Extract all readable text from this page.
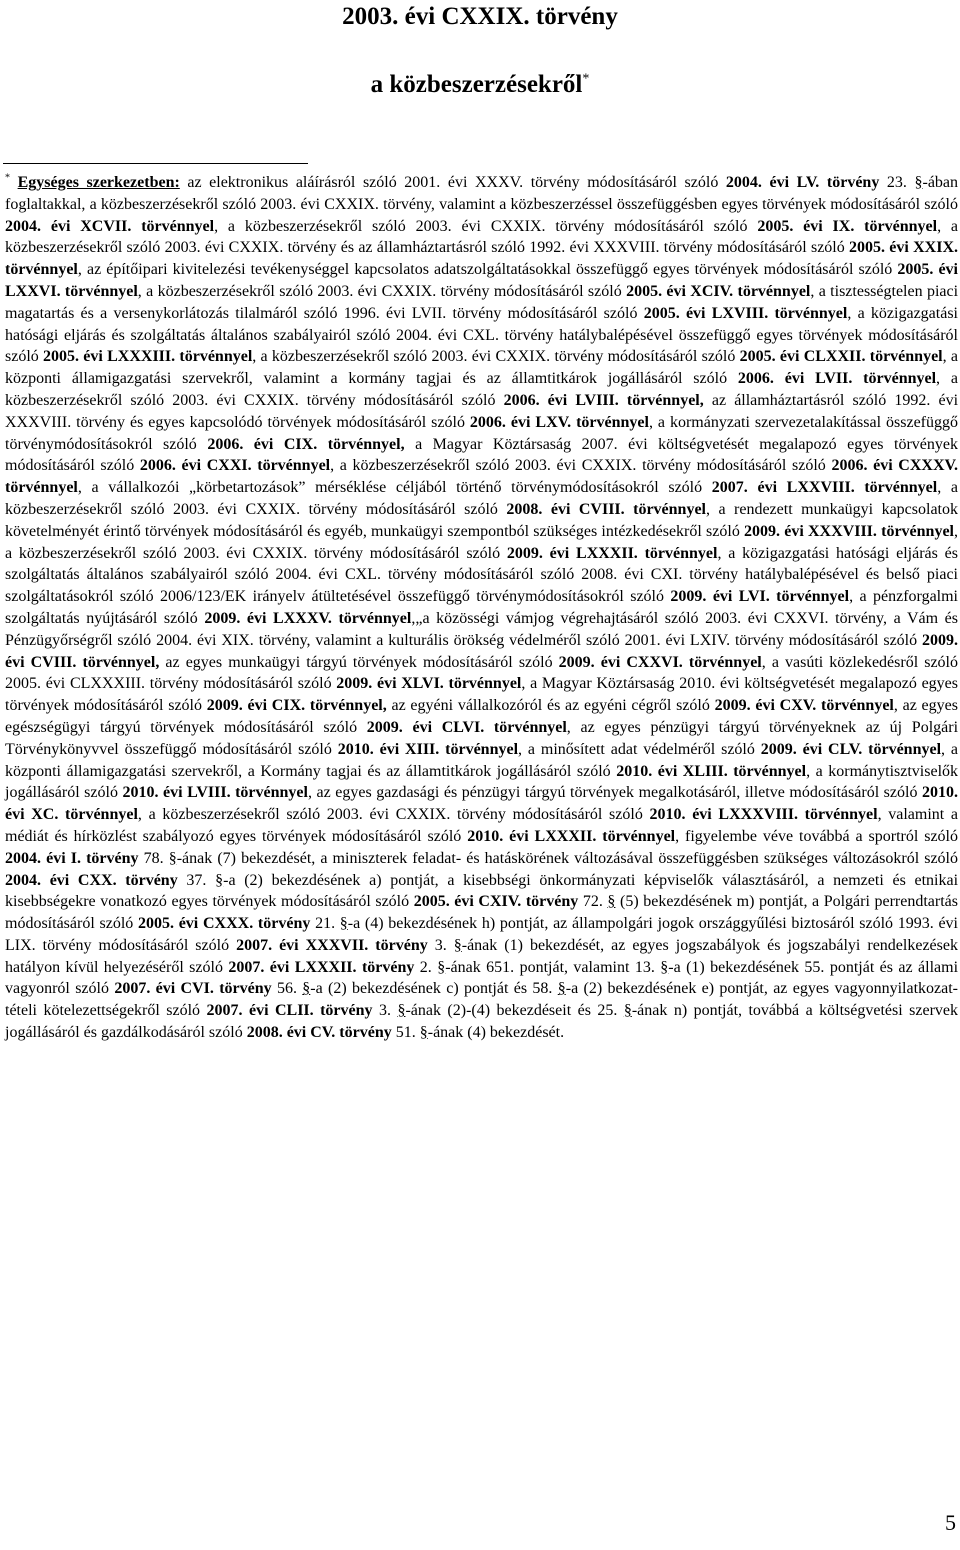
2003. évi CXXIX. törvény
a közbeszerzésekről*

* Egységes szerkezetben: az elektronikus aláírásról szóló 2001. évi XXXV. törvény módosításáról szóló 2004. évi LV. törvény 23. §-ában foglaltakkal, a közbeszerzésekről szóló 2003. évi CXXIX. törvény, valamint a közbeszerzéssel összefüggésben egyes törvények módosításáról szóló 2004. évi XCVII. törvénnyel, a közbeszerzésekről szóló 2003. évi CXXIX. törvény módosításáról szóló 2005. évi IX. törvénnyel, a közbeszerzésekről szóló 2003. évi CXXIX. törvény és az államháztartásról szóló 1992. évi XXXVIII. törvény módosításáról szóló 2005. évi XXIX. törvénnyel, az építőipari kivitelezési tevékenységgel kapcsolatos adatszolgáltatásokkal összefüggő egyes törvények módosításáról szóló 2005. évi LXXVI. törvénnyel, a közbeszerzésekről szóló 2003. évi CXXIX. törvény módosításáról szóló 2005. évi XCIV. törvénnyel, a tisztességtelen piaci magatartás és a versenykorlátozás tilalmáról szóló 1996. évi LVII. törvény módosításáról szóló 2005. évi LXVIII. törvénnyel, a közigazgatási hatósági eljárás és szolgáltatás általános szabályairól szóló 2004. évi CXL. törvény hatálybalépésével összefüggő egyes törvények módosításáról szóló 2005. évi LXXXIII. törvénnyel, a közbeszerzésekről szóló 2003. évi CXXIX. törvény módosításáról szóló 2005. évi CLXXII. törvénnyel, a központi államigazgatási szervekről, valamint a kormány tagjai és az államtitkárok jogállásáról szóló 2006. évi LVII. törvénnyel, a közbeszerzésekről szóló 2003. évi CXXIX. törvény módosításáról szóló 2006. évi LVIII. törvénnyel, az államháztartásról szóló 1992. évi XXXVIII. törvény és egyes kapcsolódó törvények módosításáról szóló 2006. évi LXV. törvénnyel, a kormányzati szervezetalakítással összefüggő törvénymódosításokról szóló 2006. évi CIX. törvénnyel, a Magyar Köztársaság 2007. évi költségvetését megalapozó egyes törvények módosításáról szóló 2006. évi CXXI. törvénnyel, a közbeszerzésekről szóló 2003. évi CXXIX. törvény módosításáról szóló 2006. évi CXXXV. törvénnyel, a vállalkozói „körbetartozások” mérséklése céljából történő törvénymódosításokról szóló 2007. évi LXXVIII. törvénnyel, a közbeszerzésekről szóló 2003. évi CXXIX. törvény módosításáról szóló 2008. évi CVIII. törvénnyel, a rendezett munkaügyi kapcsolatok követelményét érintő törvények módosításáról és egyéb, munkaügyi szempontból szükséges intézkedésekről szóló 2009. évi XXXVIII. törvénnyel, a közbeszerzésekről szóló 2003. évi CXXIX. törvény módosításáról szóló 2009. évi LXXXII. törvénnyel, a közigazgatási hatósági eljárás és szolgáltatás általános szabályairól szóló 2004. évi CXL. törvény módosításáról szóló 2008. évi CXI. törvény hatálybalépésével és belső piaci szolgáltatásokról szóló 2006/123/EK irányelv átültetésével összefüggő törvénymódosításokról szóló 2009. évi LVI. törvénnyel, a pénzforgalmi szolgáltatás nyújtásáról szóló 2009. évi LXXXV. törvénnyel,„a közösségi vámjog végrehajtásáról szóló 2003. évi CXXVI. törvény, a Vám és Pénzügyőrségről szóló 2004. évi XIX. törvény, valamint a kulturális örökség védelméről szóló 2001. évi LXIV. törvény módosításáról szóló 2009. évi CVIII. törvénnyel, az egyes munkaügyi tárgyú törvények módosításáról szóló 2009. évi CXXVI. törvénnyel, a vasúti közlekedésről szóló 2005. évi CLXXXIII. törvény módosításáról szóló 2009. évi XLVI. törvénnyel, a Magyar Köztársaság 2010. évi költségvetését megalapozó egyes törvények módosításáról szóló 2009. évi CIX. törvénnyel, az egyéni vállalkozóról és az egyéni cégről szóló 2009. évi CXV. törvénnyel, az egyes egészségügyi tárgyú törvények módosításáról szóló 2009. évi CLVI. törvénnyel, az egyes pénzügyi tárgyú törvényeknek az új Polgári Törvénykönyvvel összefüggő módosításáról szóló 2010. évi XIII. törvénnyel, a minősített adat védelméről szóló 2009. évi CLV. törvénnyel, a központi államigazgatási szervekről, a Kormány tagjai és az államtitkárok jogállásáról szóló 2010. évi XLIII. törvénnyel, a kormánytisztviselők jogállásáról szóló 2010. évi LVIII. törvénnyel, az egyes gazdasági és pénzügyi tárgyú törvények megalkotásáról, illetve módosításáról szóló 2010. évi XC. törvénnyel, a közbeszerzésekről szóló 2003. évi CXXIX. törvény módosításáról szóló 2010. évi LXXXVIII. törvénnyel, valamint a médiát és hírközlést szabályozó egyes törvények módosításáról szóló 2010. évi LXXXII. törvénnyel, figyelembe véve továbbá a sportról szóló 2004. évi I. törvény 78. §-ának (7) bekezdését, a miniszterek feladat- és hatáskörének változásával összefüggésben szükséges változásokról szóló 2004. évi CXX. törvény 37. §-a (2) bekezdésének a) pontját, a kisebbségi önkormányzati képviselők választásáról, a nemzeti és etnikai kisebbségekre vonatkozó egyes törvények módosításáról szóló 2005. évi CXIV. törvény 72. § (5) bekezdésének m) pontját, a Polgári perrendtartás módosításáról szóló 2005. évi CXXX. törvény 21. §-a (4) bekezdésének h) pontját, az állampolgári jogok országgyűlési biztosáról szóló 1993. évi LIX. törvény módosításáról szóló 2007. évi XXXVII. törvény 3. §-ának (1) bekezdését, az egyes jogszabályok és jogszabályi rendelkezések hatályon kívül helyezéséről szóló 2007. évi LXXXII. törvény 2. §-ának 651. pontját, valamint 13. §-a (1) bekezdésének 55. pontját és az állami vagyonról szóló 2007. évi CVI. törvény 56. §-a (2) bekezdésének c) pontját és 58. §-a (2) bekezdésének e) pontját, az egyes vagyonnyilatkozat-tételi kötelezettségekről szóló 2007. évi CLII. törvény 3. §-ának (2)-(4) bekezdéseit és 25. §-ának n) pontját, továbbá a költségvetési szervek jogállásáról és gazdálkodásáról szóló 2008. évi CV. törvény 51. §-ának (4) bekezdését.

5
